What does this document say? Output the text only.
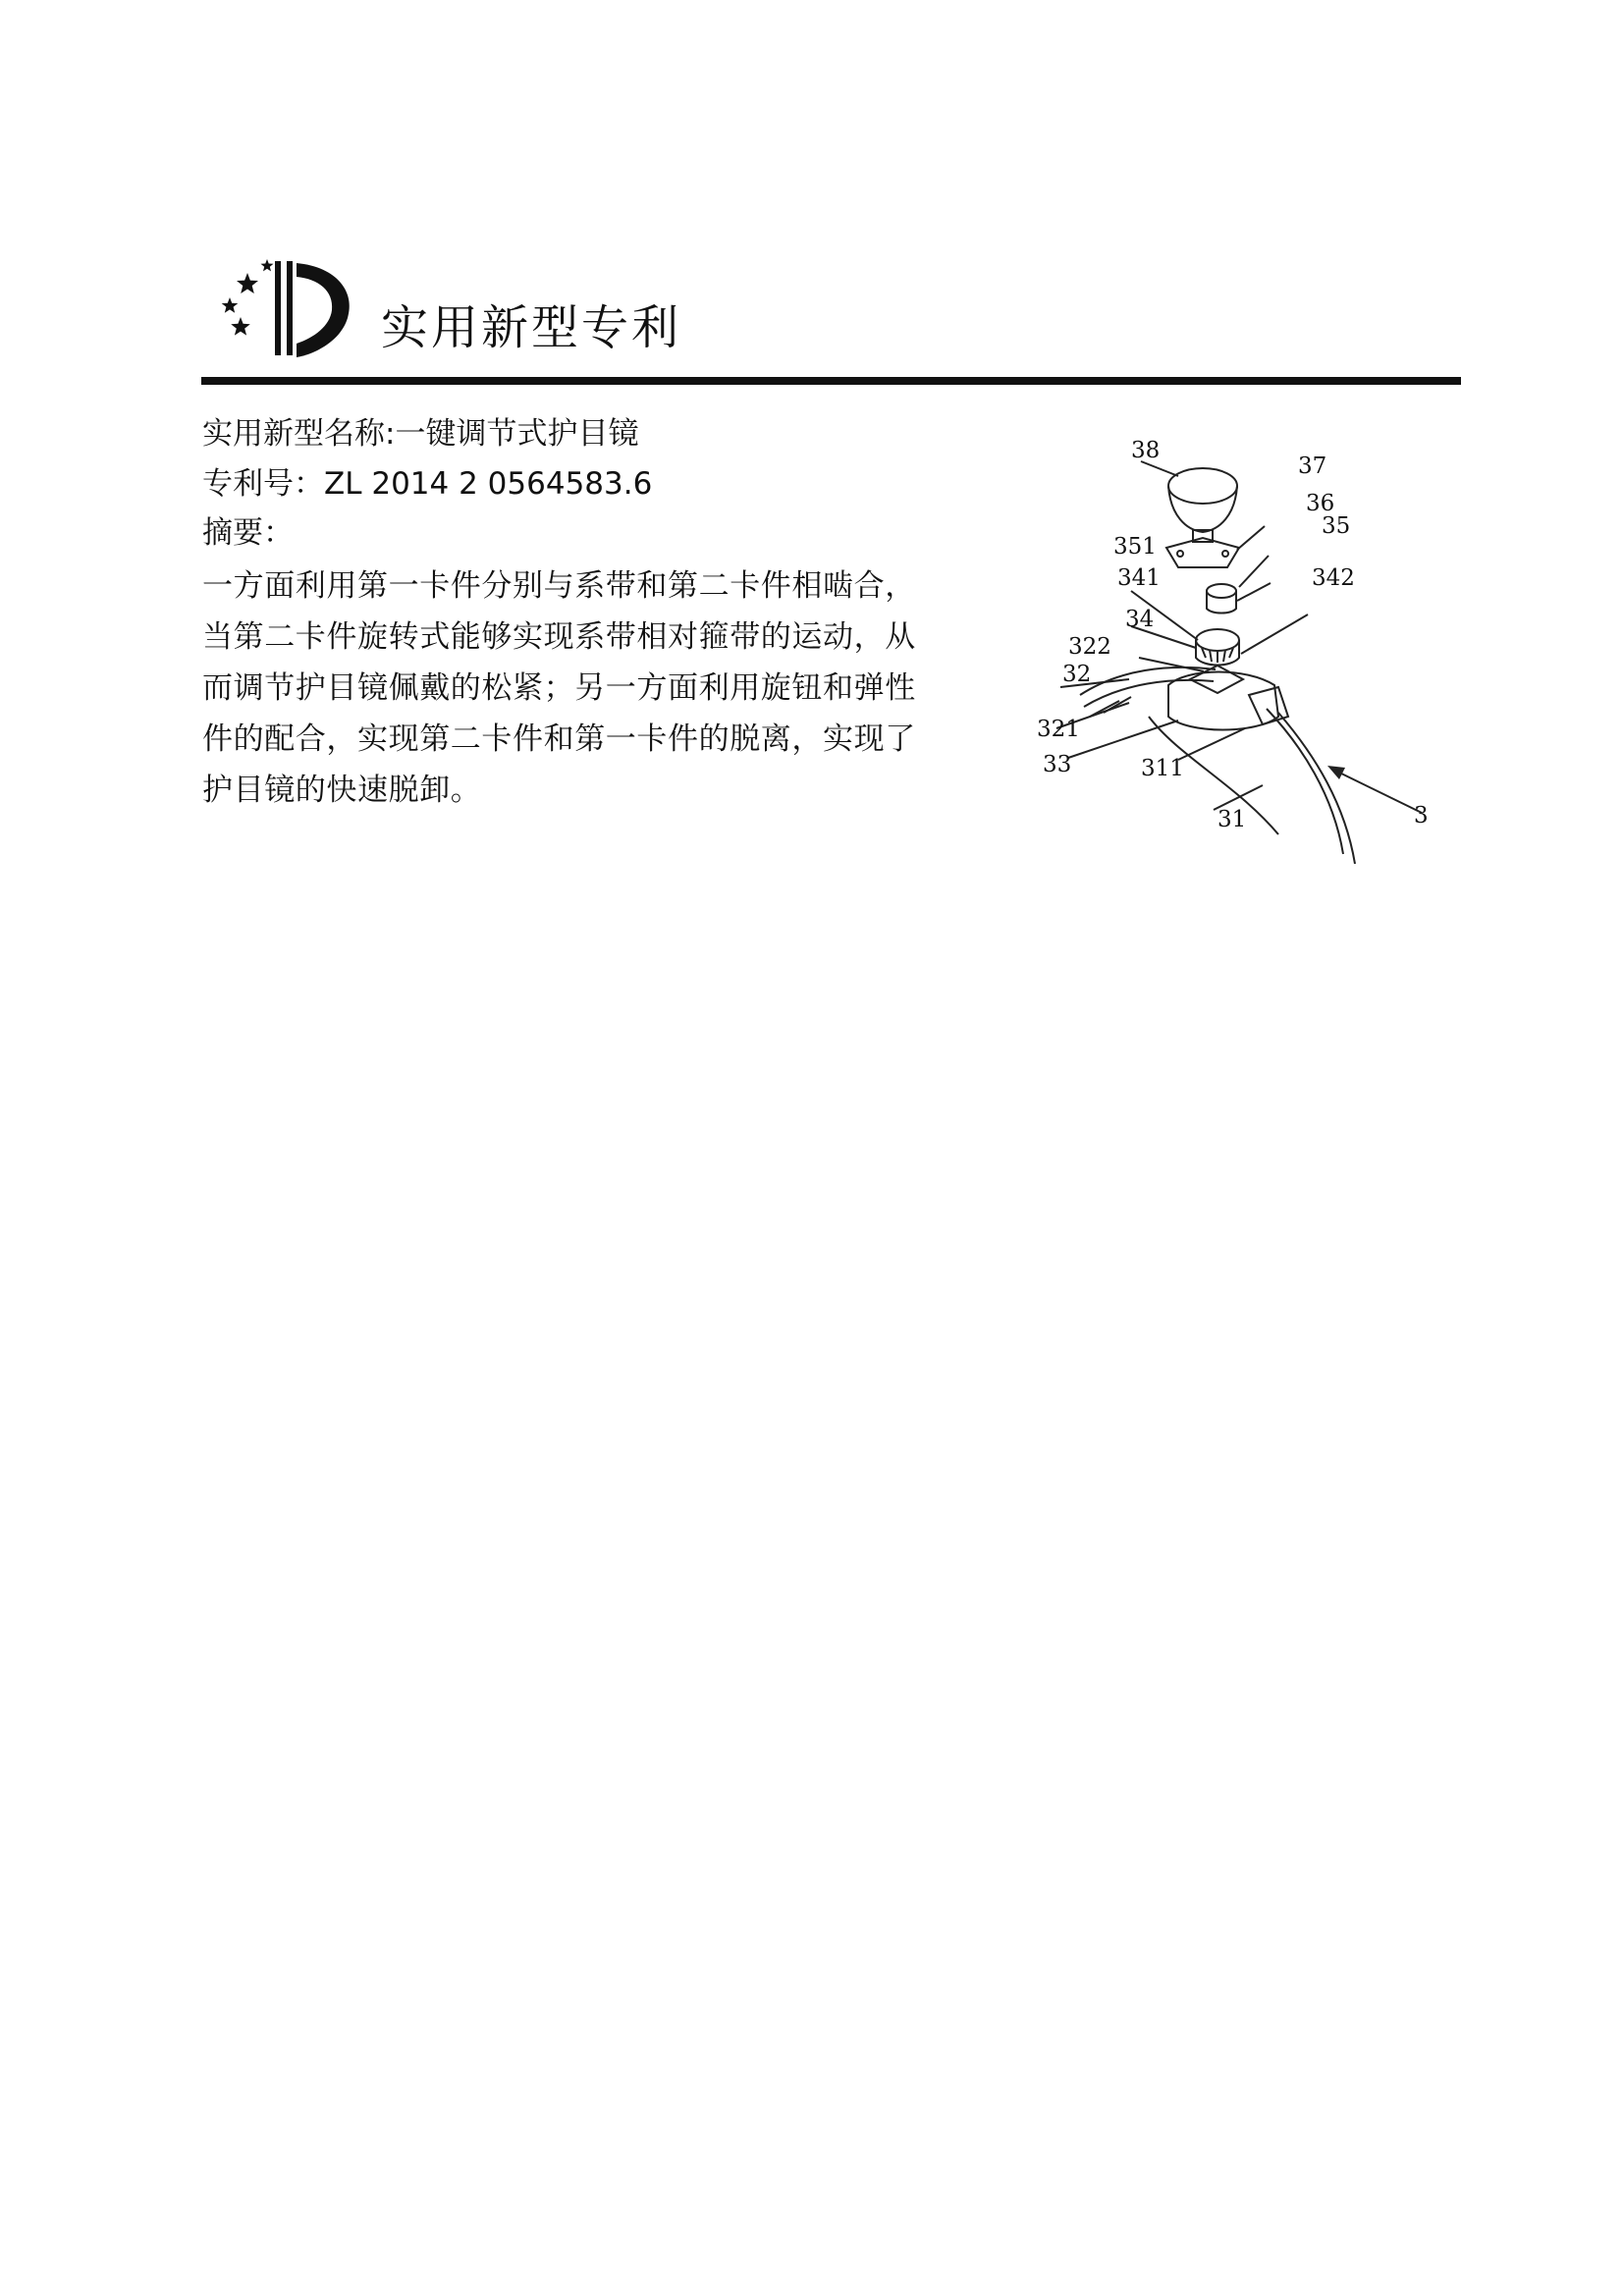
实用新型专利
实用新型名称:一键调节式护目镜
专利号：ZL 2014 2 0564583.6
摘要：

一方面利用第一卡件分别与系带和第二卡件相啮合，当第二卡件旋转式能够实现系带相对箍带的运动，从而调节护目镜佩戴的松紧；另一方面利用旋钮和弹性件的配合，实现第二卡件和第一卡件的脱离，实现了护目镜的快速脱卸。

38
37
36
351
35
341	342
34
322
32
321
33	311
31	3
